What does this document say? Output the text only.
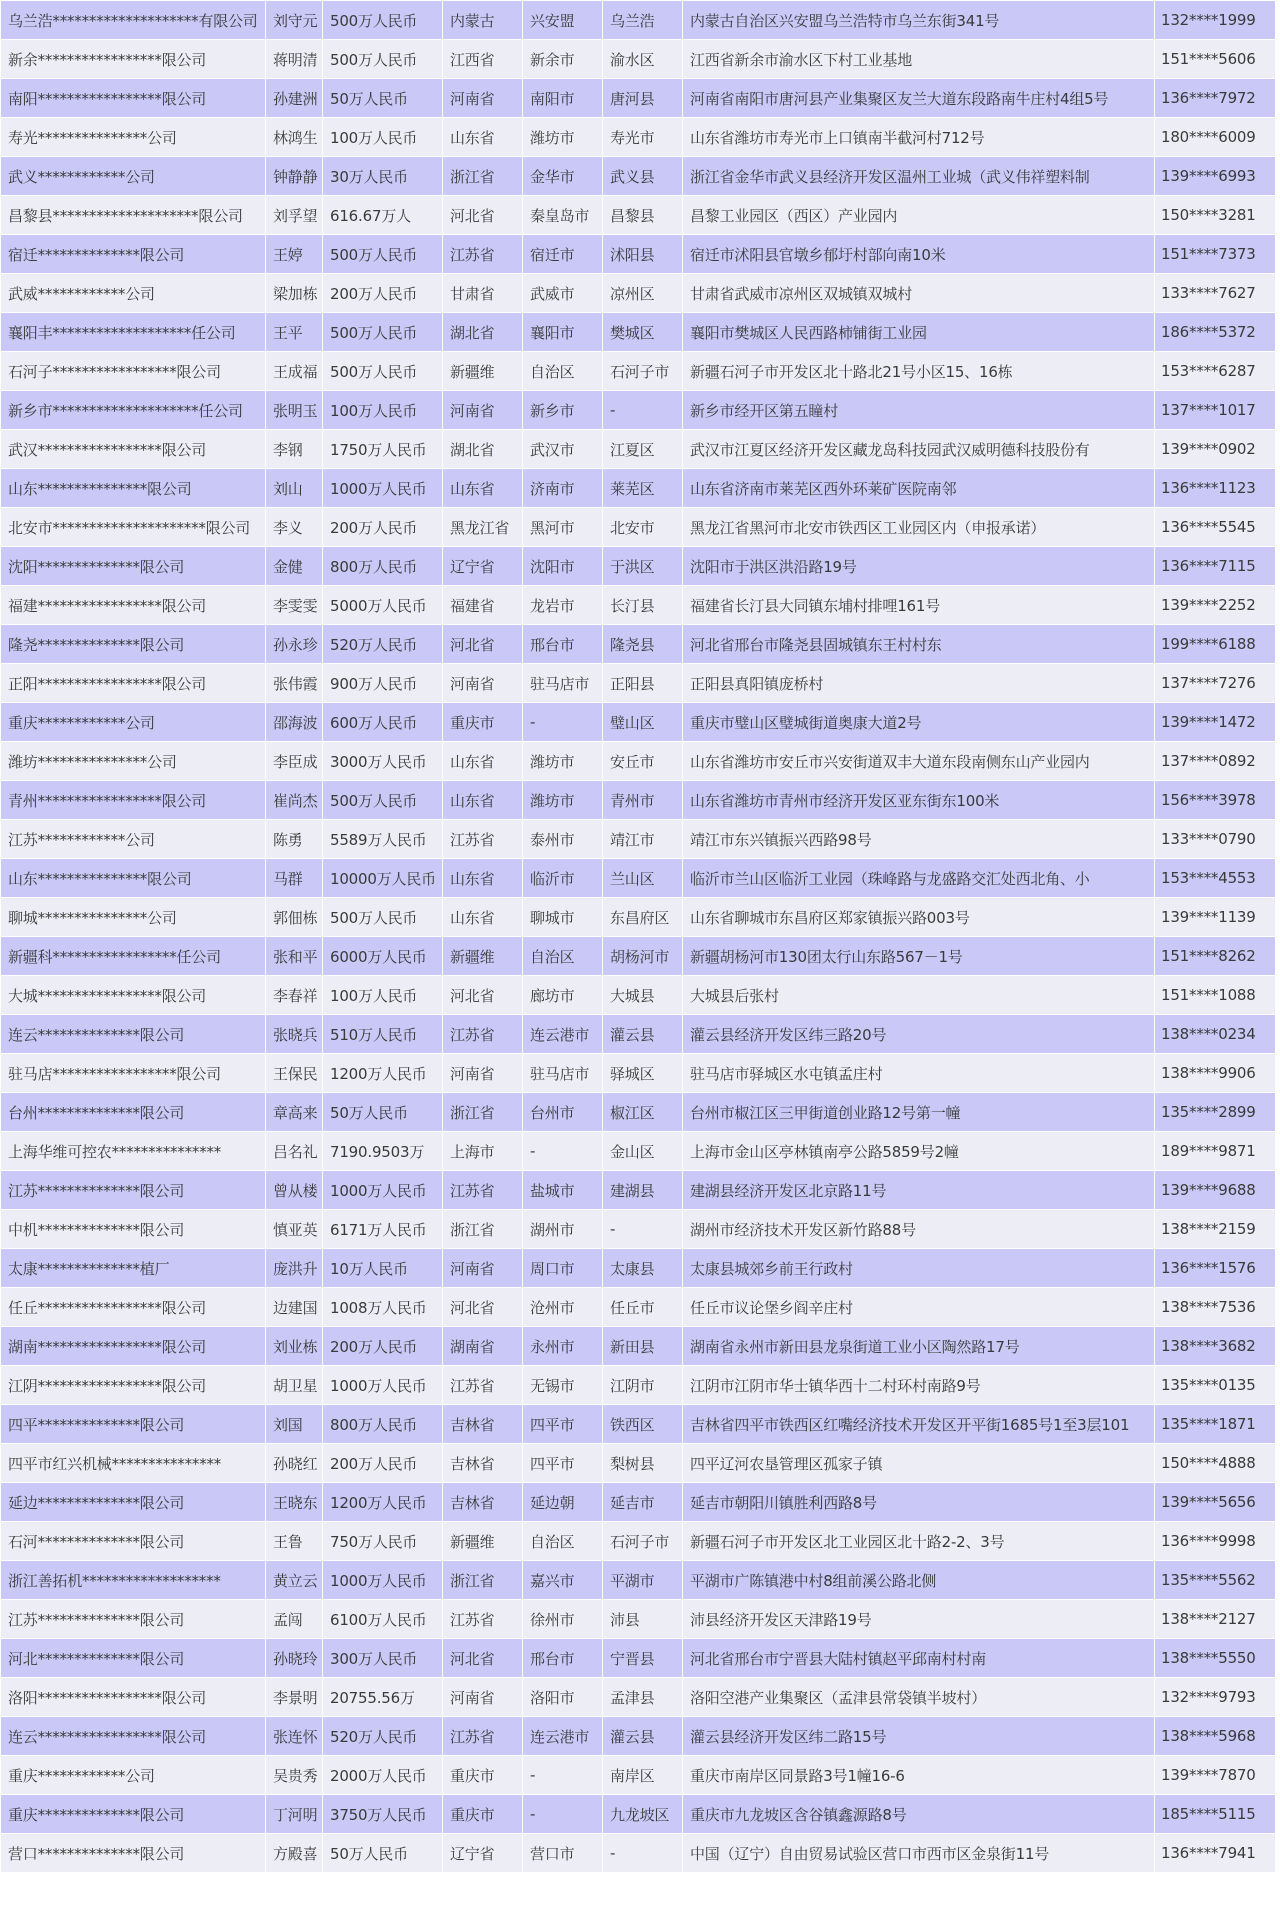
乌兰浩********************有限公司	刘守元	500万人民币	内蒙古	兴安盟	乌兰浩	内蒙古自治区兴安盟乌兰浩特市乌兰东街341号	132****1999
新余*****************限公司	蒋明清	500万人民币	江西省	新余市	渝水区	江西省新余市渝水区下村工业基地	151****5606
南阳*****************限公司	孙建洲	50万人民币	河南省	南阳市	唐河县	河南省南阳市唐河县产业集聚区友兰大道东段路南牛庄村4组5号	136****7972
寿光***************公司	林鸿生	100万人民币	山东省	潍坊市	寿光市	山东省潍坊市寿光市上口镇南半截河村712号	180****6009
武义************公司	钟静静	30万人民币	浙江省	金华市	武义县	浙江省金华市武义县经济开发区温州工业城（武义伟祥塑料制	139****6993
昌黎县********************限公司	刘孚望	616.67万人	河北省	秦皇岛市	昌黎县	昌黎工业园区（西区）产业园内	150****3281
宿迁**************限公司	王婷	500万人民币	江苏省	宿迁市	沭阳县	宿迁市沭阳县官墩乡郁圩村部向南10米	151****7373
武威************公司	梁加栋	200万人民币	甘肃省	武威市	凉州区	甘肃省武威市凉州区双城镇双城村	133****7627
襄阳丰*******************任公司	王平	500万人民币	湖北省	襄阳市	樊城区	襄阳市樊城区人民西路柿铺街工业园	186****5372
石河子*****************限公司	王成福	500万人民币	新疆维	自治区	石河子市	新疆石河子市开发区北十路北21号小区15、16栋	153****6287
新乡市********************任公司	张明玉	100万人民币	河南省	新乡市	-	新乡市经开区第五瞳村	137****1017
武汉*****************限公司	李钢	1750万人民币	湖北省	武汉市	江夏区	武汉市江夏区经济开发区藏龙岛科技园武汉威明德科技股份有	139****0902
山东***************限公司	刘山	1000万人民币	山东省	济南市	莱芜区	山东省济南市莱芜区西外环莱矿医院南邻	136****1123
北安市*********************限公司	李义	200万人民币	黑龙江省	黑河市	北安市	黑龙江省黑河市北安市铁西区工业园区内（申报承诺）	136****5545
沈阳**************限公司	金健	800万人民币	辽宁省	沈阳市	于洪区	沈阳市于洪区洪沿路19号	136****7115
福建*****************限公司	李雯雯	5000万人民币	福建省	龙岩市	长汀县	福建省长汀县大同镇东埔村排哩161号	139****2252
隆尧**************限公司	孙永珍	520万人民币	河北省	邢台市	隆尧县	河北省邢台市隆尧县固城镇东王村村东	199****6188
正阳*****************限公司	张伟霞	900万人民币	河南省	驻马店市	正阳县	正阳县真阳镇庞桥村	137****7276
重庆************公司	邵海波	600万人民币	重庆市	-	璧山区	重庆市璧山区璧城街道奥康大道2号	139****1472
潍坊***************公司	李臣成	3000万人民币	山东省	潍坊市	安丘市	山东省潍坊市安丘市兴安街道双丰大道东段南侧东山产业园内	137****0892
青州*****************限公司	崔尚杰	500万人民币	山东省	潍坊市	青州市	山东省潍坊市青州市经济开发区亚东街东100米	156****3978
江苏************公司	陈勇	5589万人民币	江苏省	泰州市	靖江市	靖江市东兴镇振兴西路98号	133****0790
山东***************限公司	马群	10000万人民币	山东省	临沂市	兰山区	临沂市兰山区临沂工业园（珠峰路与龙盛路交汇处西北角、小	153****4553
聊城***************公司	郭佃栋	500万人民币	山东省	聊城市	东昌府区	山东省聊城市东昌府区郑家镇振兴路003号	139****1139
新疆科*****************任公司	张和平	6000万人民币	新疆维	自治区	胡杨河市	新疆胡杨河市130团太行山东路567－1号	151****8262
大城*****************限公司	李春祥	100万人民币	河北省	廊坊市	大城县	大城县后张村	151****1088
连云**************限公司	张晓兵	510万人民币	江苏省	连云港市	灌云县	灌云县经济开发区纬三路20号	138****0234
驻马店*****************限公司	王保民	1200万人民币	河南省	驻马店市	驿城区	驻马店市驿城区水屯镇孟庄村	138****9906
台州**************限公司	章高来	50万人民币	浙江省	台州市	椒江区	台州市椒江区三甲街道创业路12号第一幢	135****2899
上海华维可控农***************	吕名礼	7190.9503万	上海市	-	金山区	上海市金山区亭林镇南亭公路5859号2幢	189****9871
江苏**************限公司	曾从楼	1000万人民币	江苏省	盐城市	建湖县	建湖县经济开发区北京路11号	139****9688
中机**************限公司	慎亚英	6171万人民币	浙江省	湖州市	-	湖州市经济技术开发区新竹路88号	138****2159
太康**************植厂	庞洪升	10万人民币	河南省	周口市	太康县	太康县城郊乡前王行政村	136****1576
任丘*****************限公司	边建国	1008万人民币	河北省	沧州市	任丘市	任丘市议论堡乡阎辛庄村	138****7536
湖南*****************限公司	刘业栋	200万人民币	湖南省	永州市	新田县	湖南省永州市新田县龙泉街道工业小区陶然路17号	138****3682
江阴*****************限公司	胡卫星	1000万人民币	江苏省	无锡市	江阴市	江阴市江阴市华士镇华西十二村环村南路9号	135****0135
四平**************限公司	刘国	800万人民币	吉林省	四平市	铁西区	吉林省四平市铁西区红嘴经济技术开发区开平街1685号1至3层101	135****1871
四平市红兴机械***************	孙晓红	200万人民币	吉林省	四平市	梨树县	四平辽河农垦管理区孤家子镇	150****4888
延边**************限公司	王晓东	1200万人民币	吉林省	延边朝	延吉市	延吉市朝阳川镇胜利西路8号	139****5656
石河**************限公司	王鲁	750万人民币	新疆维	自治区	石河子市	新疆石河子市开发区北工业园区北十路2-2、3号	136****9998
浙江善拓机*******************	黄立云	1000万人民币	浙江省	嘉兴市	平湖市	平湖市广陈镇港中村8组前溪公路北侧	135****5562
江苏**************限公司	孟闯	6100万人民币	江苏省	徐州市	沛县	沛县经济开发区天津路19号	138****2127
河北**************限公司	孙晓玲	300万人民币	河北省	邢台市	宁晋县	河北省邢台市宁晋县大陆村镇赵平邱南村村南	138****5550
洛阳*****************限公司	李景明	20755.56万	河南省	洛阳市	孟津县	洛阳空港产业集聚区（孟津县常袋镇半坡村）	132****9793
连云*****************限公司	张连怀	520万人民币	江苏省	连云港市	灌云县	灌云县经济开发区纬二路15号	138****5968
重庆************公司	吴贵秀	2000万人民币	重庆市	-	南岸区	重庆市南岸区同景路3号1幢16-6	139****7870
重庆**************限公司	丁河明	3750万人民币	重庆市	-	九龙坡区	重庆市九龙坡区含谷镇鑫源路8号	185****5115
营口**************限公司	方殿喜	50万人民币	辽宁省	营口市	-	中国（辽宁）自由贸易试验区营口市西市区金泉街11号	136****7941
